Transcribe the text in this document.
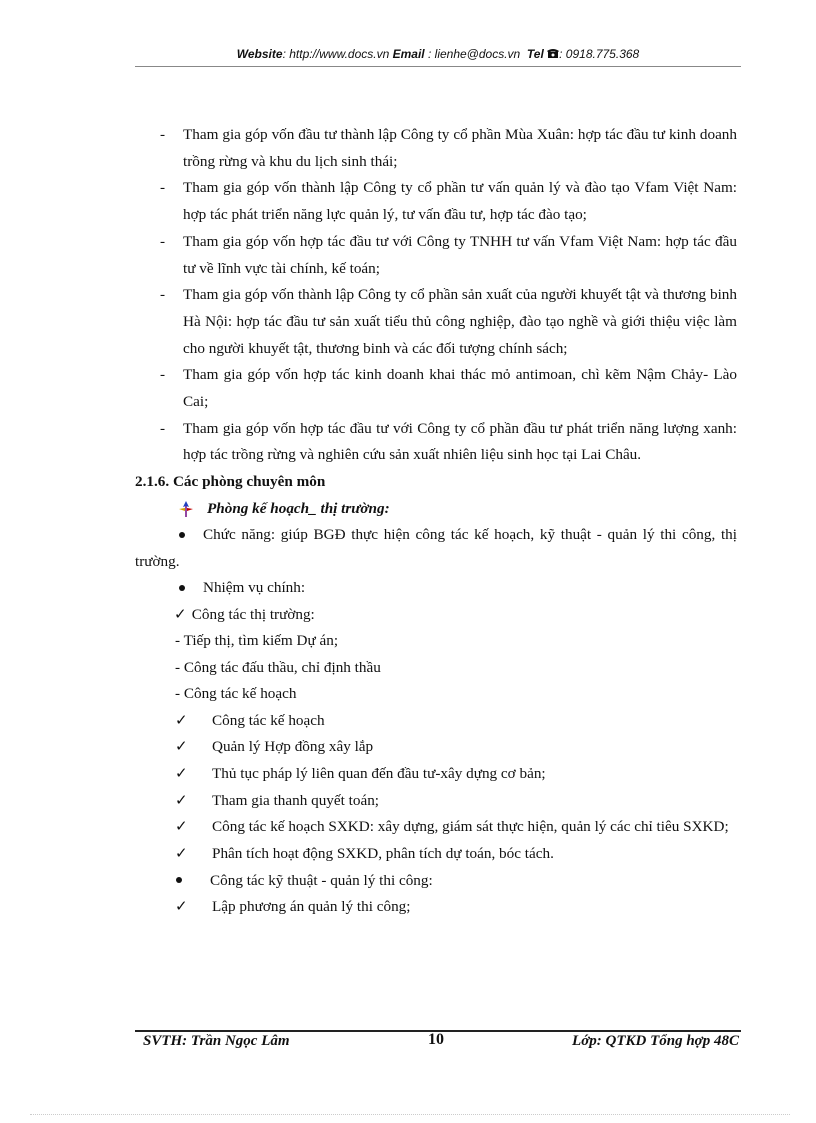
Website: http://www.docs.vn Email : lienhe@docs.vn Tel : 0918.775.368
- Tham gia góp vốn đầu tư thành lập Công ty cổ phần Mùa Xuân: hợp tác đầu tư kinh doanh trồng rừng và khu du lịch sinh thái;
- Tham gia góp vốn thành lập Công ty cổ phần tư vấn quản lý và đào tạo Vfam Việt Nam: hợp tác phát triển năng lực quản lý, tư vấn đầu tư, hợp tác đào tạo;
- Tham gia góp vốn hợp tác đầu tư với Công ty TNHH tư vấn Vfam Việt Nam: hợp tác đầu tư về lĩnh vực tài chính, kế toán;
- Tham gia góp vốn thành lập Công ty cổ phần sản xuất của người khuyết tật và thương binh Hà Nội: hợp tác đầu tư sản xuất tiểu thủ công nghiệp, đào tạo nghề và giới thiệu việc làm cho người khuyết tật, thương binh và các đối tượng chính sách;
- Tham gia góp vốn hợp tác kinh doanh khai thác mỏ antimoan, chì kẽm Nậm Chảy- Lào Cai;
- Tham gia góp vốn hợp tác đầu tư với Công ty cổ phần đầu tư phát triển năng lượng xanh: hợp tác trồng rừng và nghiên cứu sản xuất nhiên liệu sinh học tại Lai Châu.
2.1.6. Các phòng chuyên môn
Phòng kế hoạch_ thị trường:
Chức năng: giúp BGĐ thực hiện công tác kế hoạch, kỹ thuật - quản lý thi công, thị trường.
Nhiệm vụ chính:
✓ Công tác thị trường:
- Tiếp thị, tìm kiếm Dự án;
- Công tác đấu thầu, chỉ định thầu
- Công tác kế hoạch
✓ Công tác kế hoạch
✓ Quản lý Hợp đồng xây lắp
✓ Thủ tục pháp lý liên quan đến đầu tư-xây dựng cơ bản;
✓ Tham gia thanh quyết toán;
✓ Công tác kế hoạch SXKD: xây dựng, giám sát thực hiện, quản lý các chỉ tiêu SXKD;
✓ Phân tích hoạt động SXKD, phân tích dự toán, bóc tách.
Công tác kỹ thuật - quản lý thi công:
✓ Lập phương án quản lý thi công;
SVTH: Trần Ngọc Lâm	10	Lớp: QTKD Tổng hợp 48C
